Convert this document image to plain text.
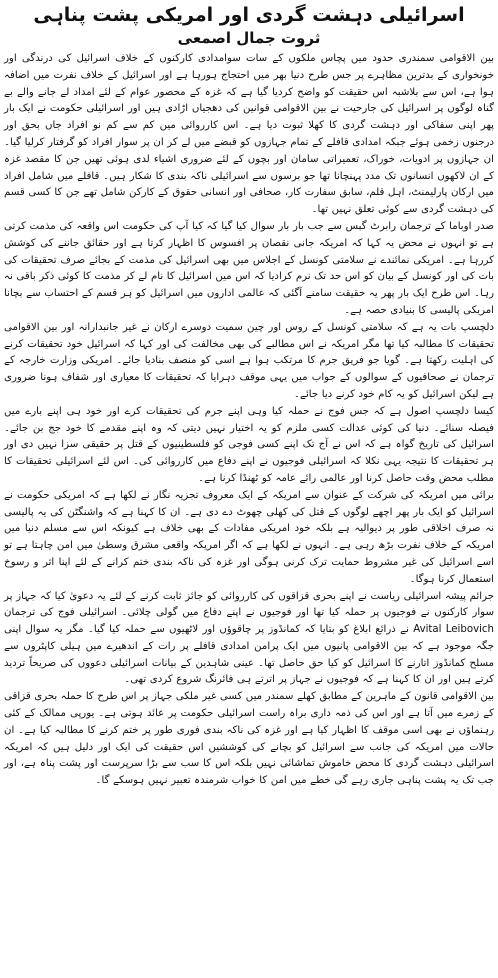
اسرائیلی دہشت گردی اور امریکی پشت پناہی
ثروت جمال اصمعی

بین الاقوامی سمندری حدود میں پچاس ملکوں کے سات سوامدادی کارکنوں کے خلاف اسرائیل کی درندگی اور خونخواری کے بدترین مظاہرے پر جس طرح دنیا بھر میں احتجاج ہورہا ہے اور اسرائیل کے خلاف نفرت میں اضافہ ہوا ہے، اس سے بلاشبہ اس حقیقت کو واضح کردیا گیا ہے کہ غزہ کے محصور عوام کے لئے امداد لے جانے والے بے گناہ لوگوں پر اسرائیل کی جارحیت نے بین الاقوامی قوانین کی دھجیاں اڑادی ہیں اور اسرائیلی حکومت نے ایک بار پھر اپنی سفاکی اور دہشت گردی کا کھلا ثبوت دیا ہے۔ اس کارروائی میں کم سے کم نو افراد جاں بحق اور درجنوں زخمی ہوئے جبکہ امدادی قافلے کے تمام جہازوں کو قبضے میں لے کر ان پر سوار افراد کو گرفتار کرلیا گیا۔ ان جہازوں پر ادویات، خوراک، تعمیراتی سامان اور بچوں کے لئے ضروری اشیاء لدی ہوئی تھیں جن کا مقصد غزہ کے ان لاکھوں انسانوں تک مدد پہنچانا تھا جو برسوں سے اسرائیلی ناکہ بندی کا شکار ہیں۔ قافلے میں شامل افراد میں ارکان پارلیمنٹ، اہل قلم، سابق سفارت کار، صحافی اور انسانی حقوق کے کارکن شامل تھے جن کا کسی قسم کی دہشت گردی سے کوئی تعلق نہیں تھا۔

صدر اوباما کے ترجمان رابرٹ گبس سے جب بار بار سوال کیا گیا کہ کیا آپ کی حکومت اس واقعہ کی مذمت کرتی ہے تو انہوں نے محض یہ کہا کہ امریکہ جانی نقصان پر افسوس کا اظہار کرتا ہے اور حقائق جاننے کی کوشش کررہا ہے۔ امریکی نمائندے نے سلامتی کونسل کے اجلاس میں بھی اسرائیل کی مذمت کے بجائے صرف تحقیقات کی بات کی اور کونسل کے بیان کو اس حد تک نرم کرادیا کہ اس میں اسرائیل کا نام لے کر مذمت کا کوئی ذکر باقی نہ رہا۔ اس طرح ایک بار پھر یہ حقیقت سامنے آگئی کہ عالمی اداروں میں اسرائیل کو ہر قسم کے احتساب سے بچانا امریکی پالیسی کا بنیادی حصہ ہے۔

دلچسپ بات یہ ہے کہ سلامتی کونسل کے روس اور چین سمیت دوسرے ارکان نے غیر جانبدارانہ اور بین الاقوامی تحقیقات کا مطالبہ کیا تھا مگر امریکہ نے اس مطالبے کی بھی مخالفت کی اور کہا کہ اسرائیل خود تحقیقات کرنے کی اہلیت رکھتا ہے۔ گویا جو فریق جرم کا مرتکب ہوا ہے اسی کو منصف بنادیا جائے۔ امریکی وزارت خارجہ کے ترجمان نے صحافیوں کے سوالوں کے جواب میں یہی موقف دہرایا کہ تحقیقات کا معیاری اور شفاف ہونا ضروری ہے لیکن اسرائیل کو یہ کام خود کرنے دیا جائے۔

کیسا دلچسپ اصول ہے کہ جس فوج نے حملہ کیا وہی اپنے جرم کی تحقیقات کرے اور خود ہی اپنے بارے میں فیصلہ سنائے۔ دنیا کی کوئی عدالت کسی ملزم کو یہ اختیار نہیں دیتی کہ وہ اپنے مقدمے کا خود جج بن جائے۔ اسرائیل کی تاریخ گواہ ہے کہ اس نے آج تک اپنے کسی فوجی کو فلسطینیوں کے قتل پر حقیقی سزا نہیں دی اور ہر تحقیقات کا نتیجہ یہی نکلا کہ اسرائیلی فوجیوں نے اپنے دفاع میں کارروائی کی۔ اس لئے اسرائیلی تحقیقات کا مطلب محض وقت حاصل کرنا اور عالمی رائے عامہ کو ٹھنڈا کرنا ہے۔

برائی میں امریکہ کی شرکت کے عنوان سے امریکہ کے ایک معروف تجزیہ نگار نے لکھا ہے کہ امریکی حکومت نے اسرائیل کو ایک بار پھر اچھے لوگوں کے قتل کی کھلی چھوٹ دے دی ہے۔ ان کا کہنا ہے کہ واشنگٹن کی یہ پالیسی نہ صرف اخلاقی طور پر دیوالیہ ہے بلکہ خود امریکی مفادات کے بھی خلاف ہے کیونکہ اس سے مسلم دنیا میں امریکہ کے خلاف نفرت بڑھ رہی ہے۔ انہوں نے لکھا ہے کہ اگر امریکہ واقعی مشرق وسطیٰ میں امن چاہتا ہے تو اسے اسرائیل کی غیر مشروط حمایت ترک کرنی ہوگی اور غزہ کی ناکہ بندی ختم کرانے کے لئے اپنا اثر و رسوخ استعمال کرنا ہوگا۔

جرائم پیشہ اسرائیلی ریاست نے اپنے بحری قزاقوں کی کارروائی کو جائز ثابت کرنے کے لئے یہ دعویٰ کیا کہ جہاز پر سوار کارکنوں نے فوجیوں پر حملہ کیا تھا اور فوجیوں نے اپنے دفاع میں گولی چلائی۔ اسرائیلی فوج کی ترجمان Avital Leibovich نے ذرائع ابلاغ کو بتایا کہ کمانڈوز پر چاقوؤں اور لاٹھیوں سے حملہ کیا گیا۔ مگر یہ سوال اپنی جگہ موجود ہے کہ بین الاقوامی پانیوں میں ایک پرامن امدادی قافلے پر رات کے اندھیرے میں ہیلی کاپٹروں سے مسلح کمانڈوز اتارنے کا اسرائیل کو کیا حق حاصل تھا۔ عینی شاہدین کے بیانات اسرائیلی دعووں کی صریحاً تردید کرتے ہیں اور ان کا کہنا ہے کہ فوجیوں نے جہاز پر اترتے ہی فائرنگ شروع کردی تھی۔

بین الاقوامی قانون کے ماہرین کے مطابق کھلے سمندر میں کسی غیر ملکی جہاز پر اس طرح کا حملہ بحری قزاقی کے زمرے میں آتا ہے اور اس کی ذمہ داری براہ راست اسرائیلی حکومت پر عائد ہوتی ہے۔ یورپی ممالک کے کئی رہنماؤں نے بھی اسی موقف کا اظہار کیا ہے اور غزہ کی ناکہ بندی فوری طور پر ختم کرنے کا مطالبہ کیا ہے۔ ان حالات میں امریکہ کی جانب سے اسرائیل کو بچانے کی کوششیں اس حقیقت کی ایک اور دلیل ہیں کہ امریکہ اسرائیلی دہشت گردی کا محض خاموش تماشائی نہیں بلکہ اس کا سب سے بڑا سرپرست اور پشت پناہ ہے، اور جب تک یہ پشت پناہی جاری رہے گی خطے میں امن کا خواب شرمندہ تعبیر نہیں ہوسکے گا۔
